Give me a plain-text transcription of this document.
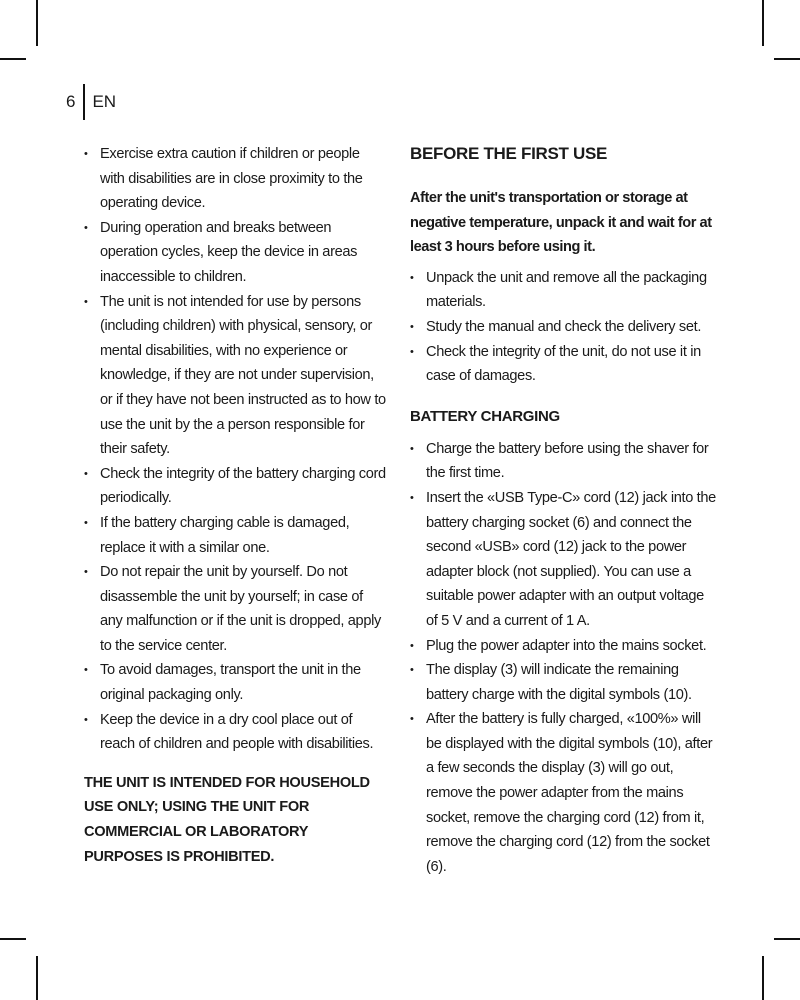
6 EN
• Exercise extra caution if children or people with disabilities are in close proximity to the operating device.
• During operation and breaks between operation cycles, keep the device in areas inaccessible to children.
• The unit is not intended for use by persons (including children) with physical, sensory, or mental disabilities, with no experience or knowledge, if they are not under supervision, or if they have not been instructed as to how to use the unit by the a person responsible for their safety.
• Check the integrity of the battery charging cord periodically.
• If the battery charging cable is damaged, replace it with a similar one.
• Do not repair the unit by yourself. Do not disassemble the unit by yourself; in case of any malfunction or if the unit is dropped, apply to the service center.
• To avoid damages, transport the unit in the original packaging only.
• Keep the device in a dry cool place out of reach of children and people with disabilities.

THE UNIT IS INTENDED FOR HOUSEHOLD USE ONLY; USING THE UNIT FOR COMMERCIAL OR LABORATORY PURPOSES IS PROHIBITED.

BEFORE THE FIRST USE

After the unit's transportation or storage at negative temperature, unpack it and wait for at least 3 hours before using it.

• Unpack the unit and remove all the packaging materials.
• Study the manual and check the delivery set.
• Check the integrity of the unit, do not use it in case of damages.
BATTERY CHARGING
• Charge the battery before using the shaver for the first time.
• Insert the «USB Type-C» cord (12) jack into the battery charging socket (6) and connect the second «USB» cord (12) jack to the power adapter block (not supplied). You can use a suitable power adapter with an output voltage of 5 V and a current of 1 A.
• Plug the power adapter into the mains socket.
• The display (3) will indicate the remaining battery charge with the digital symbols (10).
• After the battery is fully charged, «100%» will be displayed with the digital symbols (10), after a few seconds the display (3) will go out, remove the power adapter from the mains socket, remove the charging cord (12) from it, remove the charging cord (12) from the socket (6).
